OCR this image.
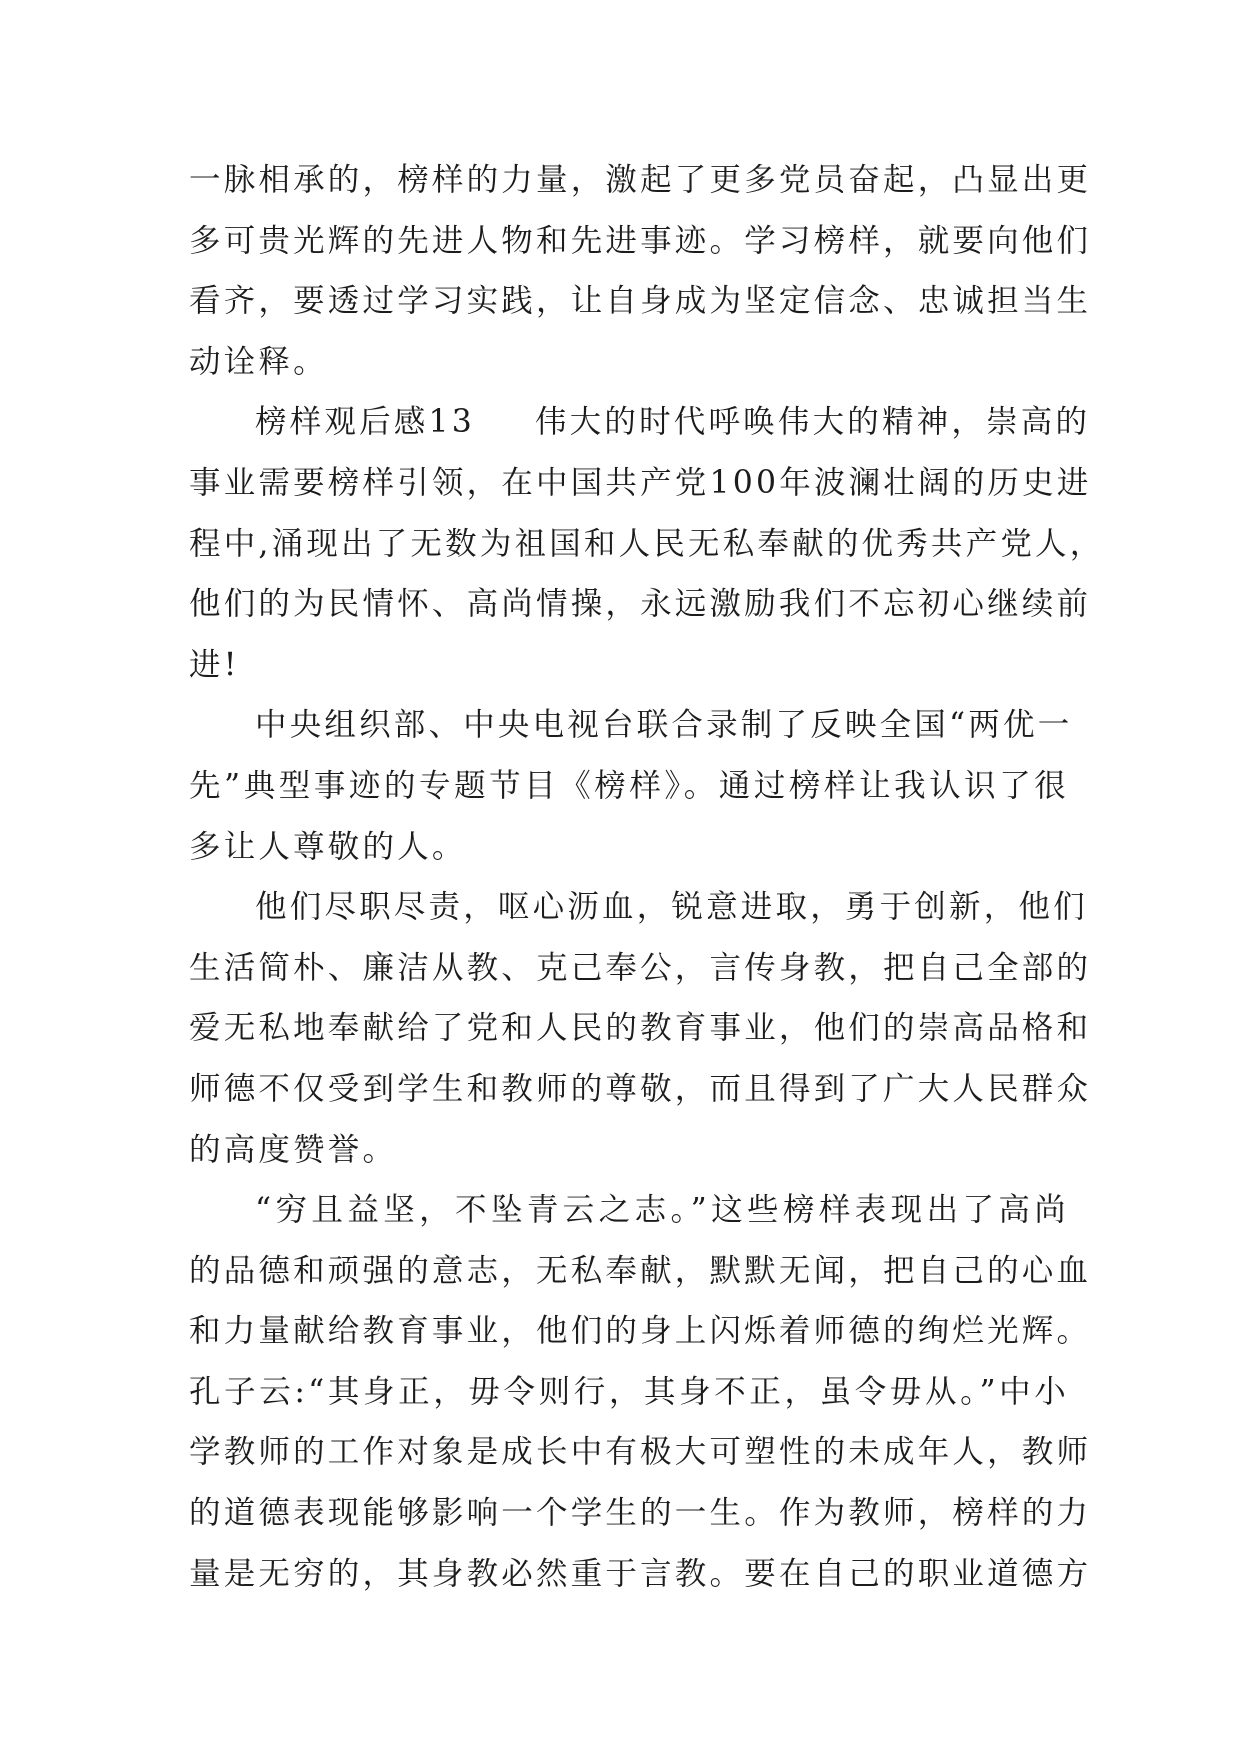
一脉相承的，榜样的力量，激起了更多党员奋起，凸显出更
多可贵光辉的先进人物和先进事迹。学习榜样，就要向他们
看齐，要透过学习实践，让自身成为坚定信念、忠诚担当生
动诠释。
榜样观后感13 伟大的时代呼唤伟大的精神，崇高的
事业需要榜样引领，在中国共产党100年波澜壮阔的历史进
程中,涌现出了无数为祖国和人民无私奉献的优秀共产党人，
他们的为民情怀、高尚情操，永远激励我们不忘初心继续前
进!
中央组织部、中央电视台联合录制了反映全国“两优一
先”典型事迹的专题节目《榜样》。通过榜样让我认识了很
多让人尊敬的人。
他们尽职尽责，呕心沥血，锐意进取，勇于创新，他们
生活简朴、廉洁从教、克己奉公，言传身教，把自己全部的
爱无私地奉献给了党和人民的教育事业，他们的崇高品格和
师德不仅受到学生和教师的尊敬，而且得到了广大人民群众
的高度赞誉。
“穷且益坚，不坠青云之志。”这些榜样表现出了高尚
的品德和顽强的意志，无私奉献，默默无闻，把自己的心血
和力量献给教育事业，他们的身上闪烁着师德的绚烂光辉。
孔子云:“其身正，毋令则行，其身不正，虽令毋从。”中小
学教师的工作对象是成长中有极大可塑性的未成年人，教师
的道德表现能够影响一个学生的一生。作为教师，榜样的力
量是无穷的，其身教必然重于言教。要在自己的职业道德方
